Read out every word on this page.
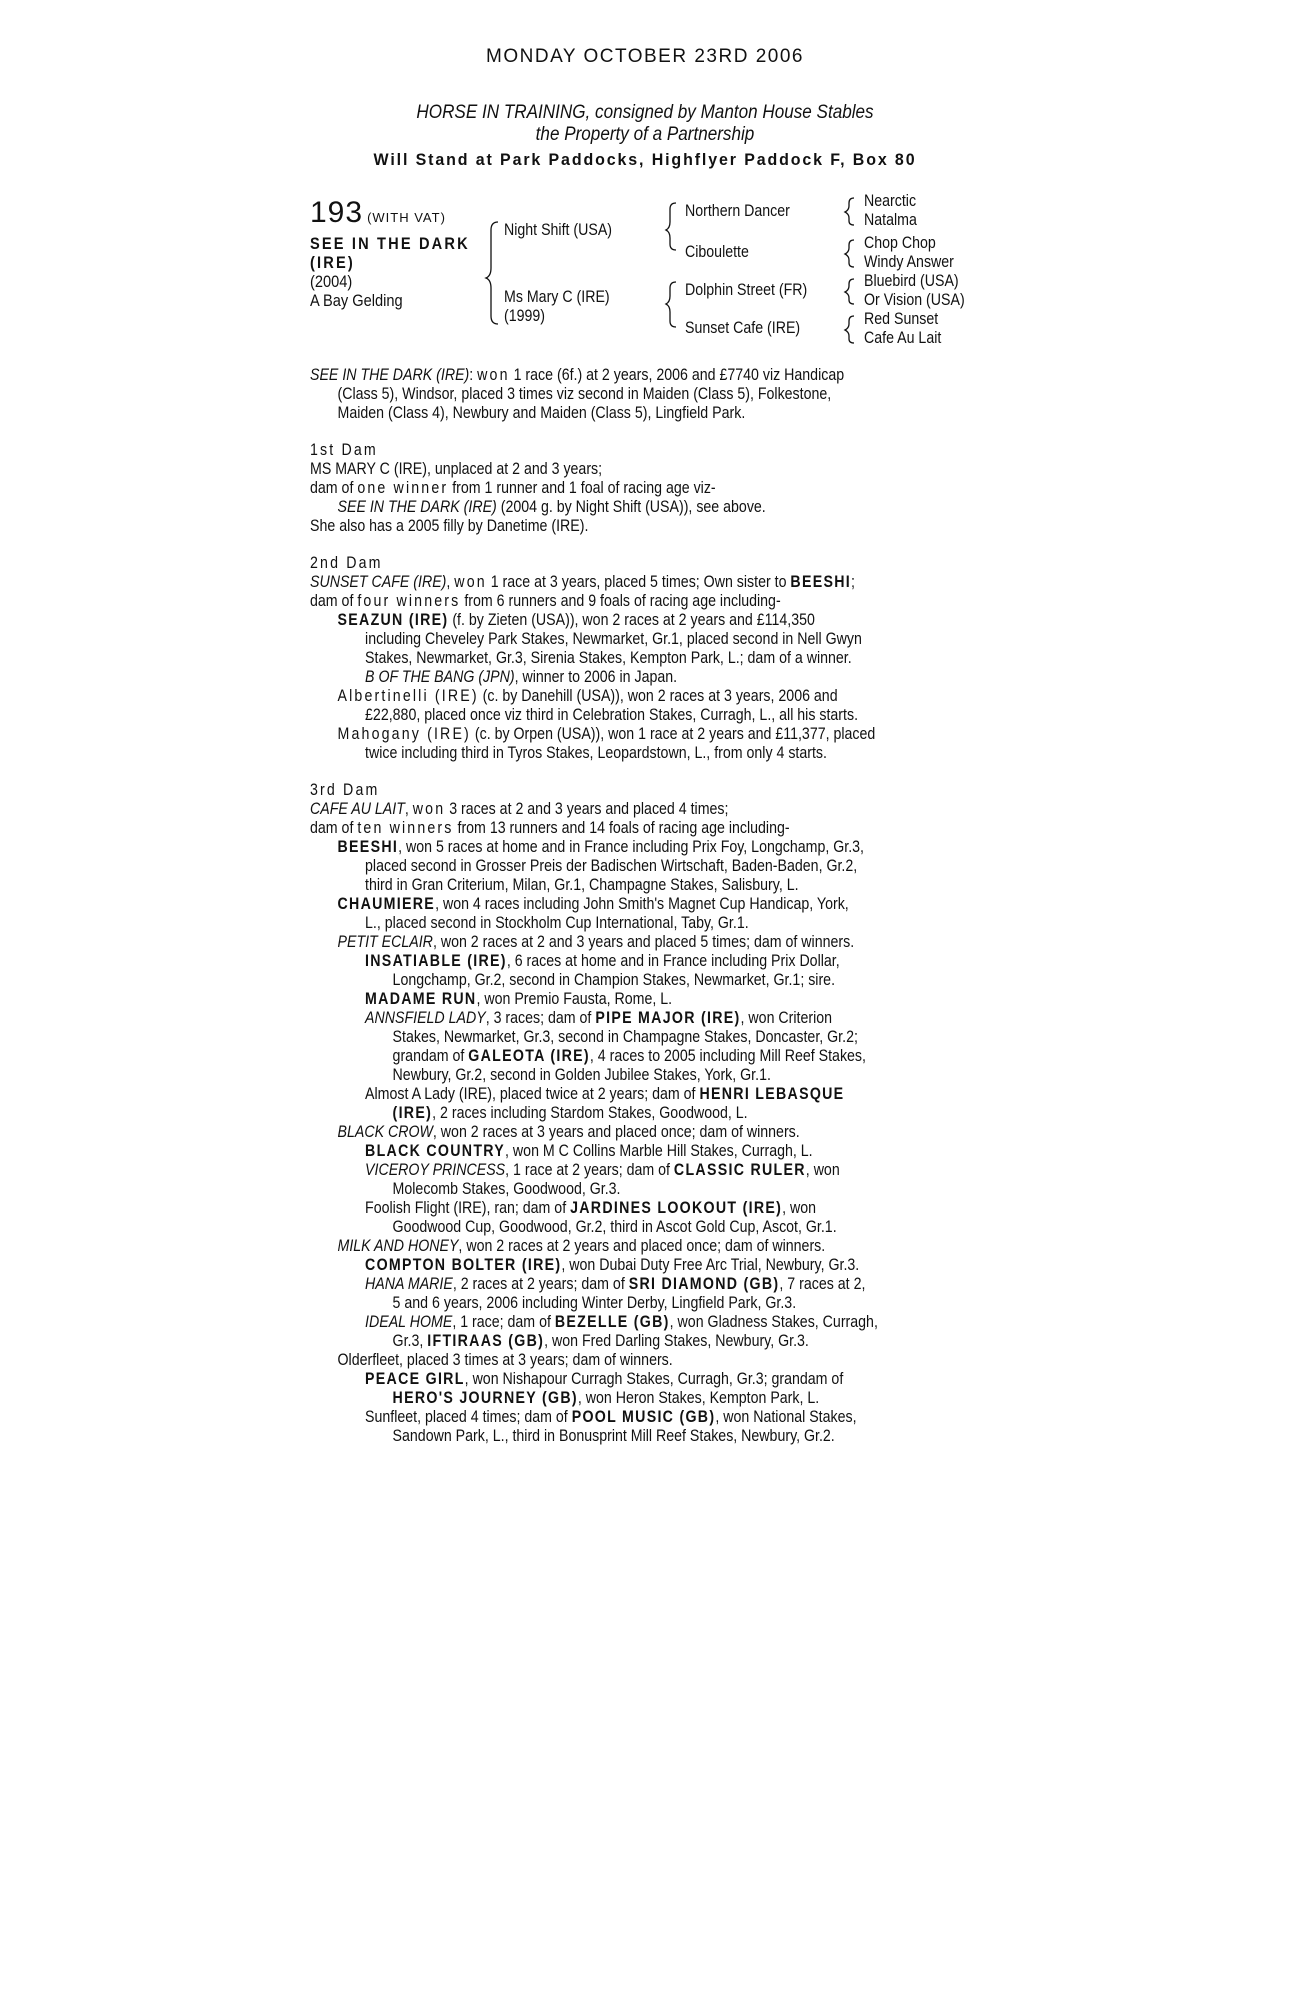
MONDAY OCTOBER 23RD 2006
HORSE IN TRAINING, consigned by Manton House Stables
the Property of a Partnership
Will Stand at Park Paddocks, Highflyer Paddock F, Box 80
193 (WITH VAT)
SEE IN THE DARK
(IRE)
(2004)
A Bay Gelding
Night Shift (USA)
Ms Mary C (IRE)
(1999)
Northern Dancer
Ciboulette
Dolphin Street (FR)
Sunset Cafe (IRE)
Nearctic
Natalma
Chop Chop
Windy Answer
Bluebird (USA)
Or Vision (USA)
Red Sunset
Cafe Au Lait
SEE IN THE DARK (IRE): won 1 race (6f.) at 2 years, 2006 and £7740 viz Handicap
(Class 5), Windsor, placed 3 times viz second in Maiden (Class 5), Folkestone,
Maiden (Class 4), Newbury and Maiden (Class 5), Lingfield Park.
1st Dam
MS MARY C (IRE), unplaced at 2 and 3 years;
dam of one winner from 1 runner and 1 foal of racing age viz-
SEE IN THE DARK (IRE) (2004 g. by Night Shift (USA)), see above.
She also has a 2005 filly by Danetime (IRE).
2nd Dam
SUNSET CAFE (IRE), won 1 race at 3 years, placed 5 times; Own sister to BEESHI;
dam of four winners from 6 runners and 9 foals of racing age including-
SEAZUN (IRE) (f. by Zieten (USA)), won 2 races at 2 years and £114,350
including Cheveley Park Stakes, Newmarket, Gr.1, placed second in Nell Gwyn
Stakes, Newmarket, Gr.3, Sirenia Stakes, Kempton Park, L.; dam of a winner.
B OF THE BANG (JPN), winner to 2006 in Japan.
Albertinelli (IRE) (c. by Danehill (USA)), won 2 races at 3 years, 2006 and
£22,880, placed once viz third in Celebration Stakes, Curragh, L., all his starts.
Mahogany (IRE) (c. by Orpen (USA)), won 1 race at 2 years and £11,377, placed
twice including third in Tyros Stakes, Leopardstown, L., from only 4 starts.
3rd Dam
CAFE AU LAIT, won 3 races at 2 and 3 years and placed 4 times;
dam of ten winners from 13 runners and 14 foals of racing age including-
BEESHI, won 5 races at home and in France including Prix Foy, Longchamp, Gr.3,
placed second in Grosser Preis der Badischen Wirtschaft, Baden-Baden, Gr.2,
third in Gran Criterium, Milan, Gr.1, Champagne Stakes, Salisbury, L.
CHAUMIERE, won 4 races including John Smith's Magnet Cup Handicap, York,
L., placed second in Stockholm Cup International, Taby, Gr.1.
PETIT ECLAIR, won 2 races at 2 and 3 years and placed 5 times; dam of winners.
INSATIABLE (IRE), 6 races at home and in France including Prix Dollar,
Longchamp, Gr.2, second in Champion Stakes, Newmarket, Gr.1; sire.
MADAME RUN, won Premio Fausta, Rome, L.
ANNSFIELD LADY, 3 races; dam of PIPE MAJOR (IRE), won Criterion
Stakes, Newmarket, Gr.3, second in Champagne Stakes, Doncaster, Gr.2;
grandam of GALEOTA (IRE), 4 races to 2005 including Mill Reef Stakes,
Newbury, Gr.2, second in Golden Jubilee Stakes, York, Gr.1.
Almost A Lady (IRE), placed twice at 2 years; dam of HENRI LEBASQUE
(IRE), 2 races including Stardom Stakes, Goodwood, L.
BLACK CROW, won 2 races at 3 years and placed once; dam of winners.
BLACK COUNTRY, won M C Collins Marble Hill Stakes, Curragh, L.
VICEROY PRINCESS, 1 race at 2 years; dam of CLASSIC RULER, won
Molecomb Stakes, Goodwood, Gr.3.
Foolish Flight (IRE), ran; dam of JARDINES LOOKOUT (IRE), won
Goodwood Cup, Goodwood, Gr.2, third in Ascot Gold Cup, Ascot, Gr.1.
MILK AND HONEY, won 2 races at 2 years and placed once; dam of winners.
COMPTON BOLTER (IRE), won Dubai Duty Free Arc Trial, Newbury, Gr.3.
HANA MARIE, 2 races at 2 years; dam of SRI DIAMOND (GB), 7 races at 2,
5 and 6 years, 2006 including Winter Derby, Lingfield Park, Gr.3.
IDEAL HOME, 1 race; dam of BEZELLE (GB), won Gladness Stakes, Curragh,
Gr.3, IFTIRAAS (GB), won Fred Darling Stakes, Newbury, Gr.3.
Olderfleet, placed 3 times at 3 years; dam of winners.
PEACE GIRL, won Nishapour Curragh Stakes, Curragh, Gr.3; grandam of
HERO'S JOURNEY (GB), won Heron Stakes, Kempton Park, L.
Sunfleet, placed 4 times; dam of POOL MUSIC (GB), won National Stakes,
Sandown Park, L., third in Bonusprint Mill Reef Stakes, Newbury, Gr.2.
